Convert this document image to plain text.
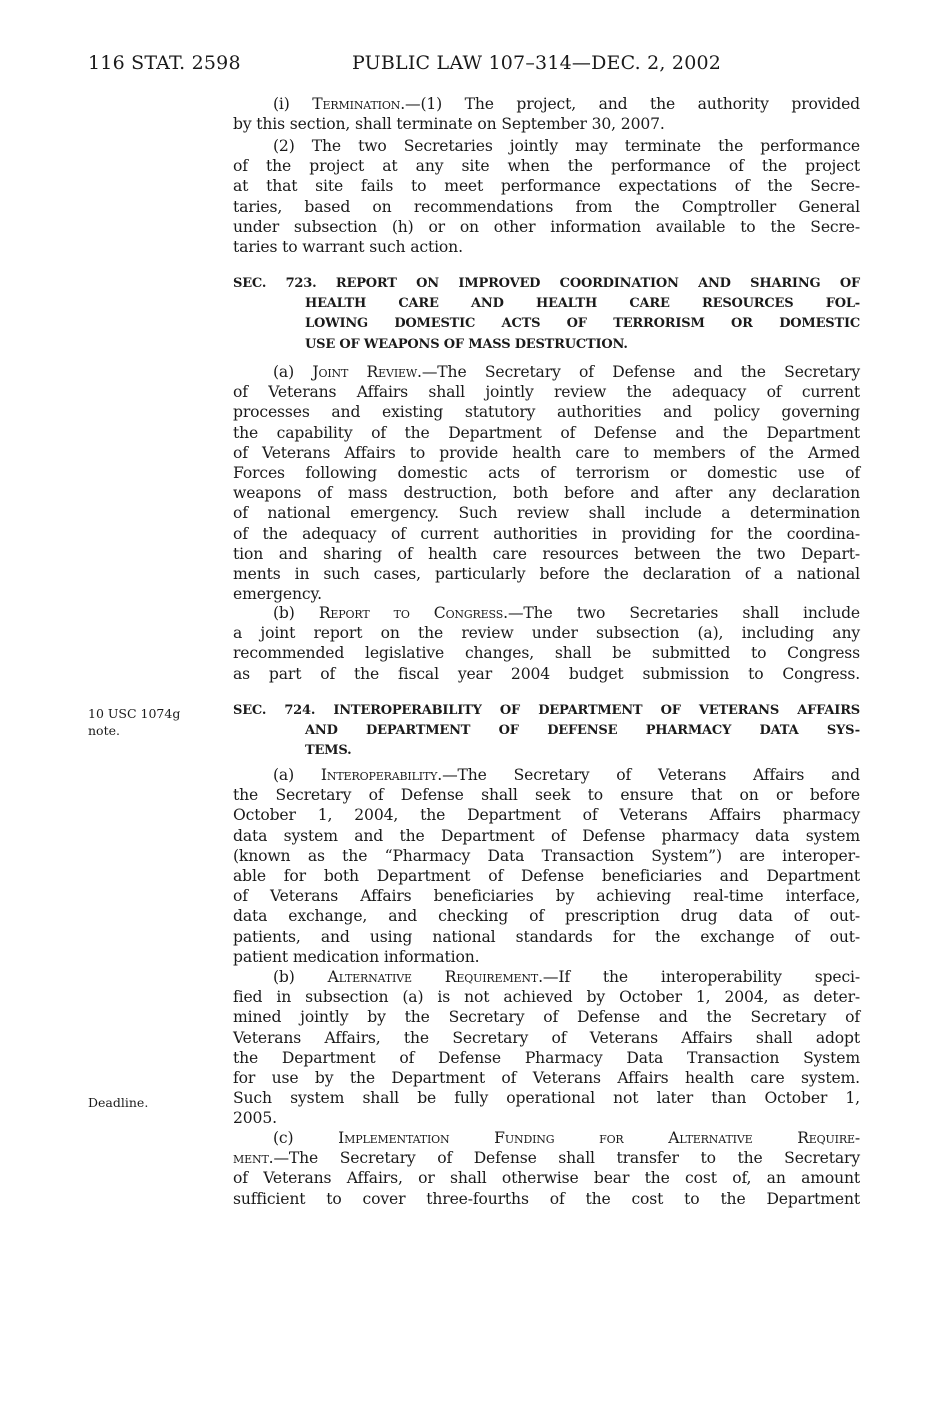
116 STAT. 2598	PUBLIC LAW 107–314—DEC. 2, 2002
10 USC 1074g
note.
Deadline.
(i) Termination.—(1) The project, and the authority provided
by this section, shall terminate on September 30, 2007.
(2) The two Secretaries jointly may terminate the performance
of the project at any site when the performance of the project
at that site fails to meet performance expectations of the Secre-
taries, based on recommendations from the Comptroller General
under subsection (h) or on other information available to the Secre-
taries to warrant such action.
SEC. 723. REPORT ON IMPROVED COORDINATION AND SHARING OF
HEALTH CARE AND HEALTH CARE RESOURCES FOL-
LOWING DOMESTIC ACTS OF TERRORISM OR DOMESTIC
USE OF WEAPONS OF MASS DESTRUCTION.
(a) Joint Review.—The Secretary of Defense and the Secretary
of Veterans Affairs shall jointly review the adequacy of current
processes and existing statutory authorities and policy governing
the capability of the Department of Defense and the Department
of Veterans Affairs to provide health care to members of the Armed
Forces following domestic acts of terrorism or domestic use of
weapons of mass destruction, both before and after any declaration
of national emergency. Such review shall include a determination
of the adequacy of current authorities in providing for the coordina-
tion and sharing of health care resources between the two Depart-
ments in such cases, particularly before the declaration of a national
emergency.
(b) Report to Congress.—The two Secretaries shall include
a joint report on the review under subsection (a), including any
recommended legislative changes, shall be submitted to Congress
as part of the fiscal year 2004 budget submission to Congress.
SEC. 724. INTEROPERABILITY OF DEPARTMENT OF VETERANS AFFAIRS
AND DEPARTMENT OF DEFENSE PHARMACY DATA SYS-
TEMS.
(a) Interoperability.—The Secretary of Veterans Affairs and
the Secretary of Defense shall seek to ensure that on or before
October 1, 2004, the Department of Veterans Affairs pharmacy
data system and the Department of Defense pharmacy data system
(known as the “Pharmacy Data Transaction System”) are interoper-
able for both Department of Defense beneficiaries and Department
of Veterans Affairs beneficiaries by achieving real-time interface,
data exchange, and checking of prescription drug data of out-
patients, and using national standards for the exchange of out-
patient medication information.
(b) Alternative Requirement.—If the interoperability speci-
fied in subsection (a) is not achieved by October 1, 2004, as deter-
mined jointly by the Secretary of Defense and the Secretary of
Veterans Affairs, the Secretary of Veterans Affairs shall adopt
the Department of Defense Pharmacy Data Transaction System
for use by the Department of Veterans Affairs health care system.
Such system shall be fully operational not later than October 1,
2005.
(c) Implementation Funding for Alternative Require-
ment.—The Secretary of Defense shall transfer to the Secretary
of Veterans Affairs, or shall otherwise bear the cost of, an amount
sufficient to cover three-fourths of the cost to the Department
